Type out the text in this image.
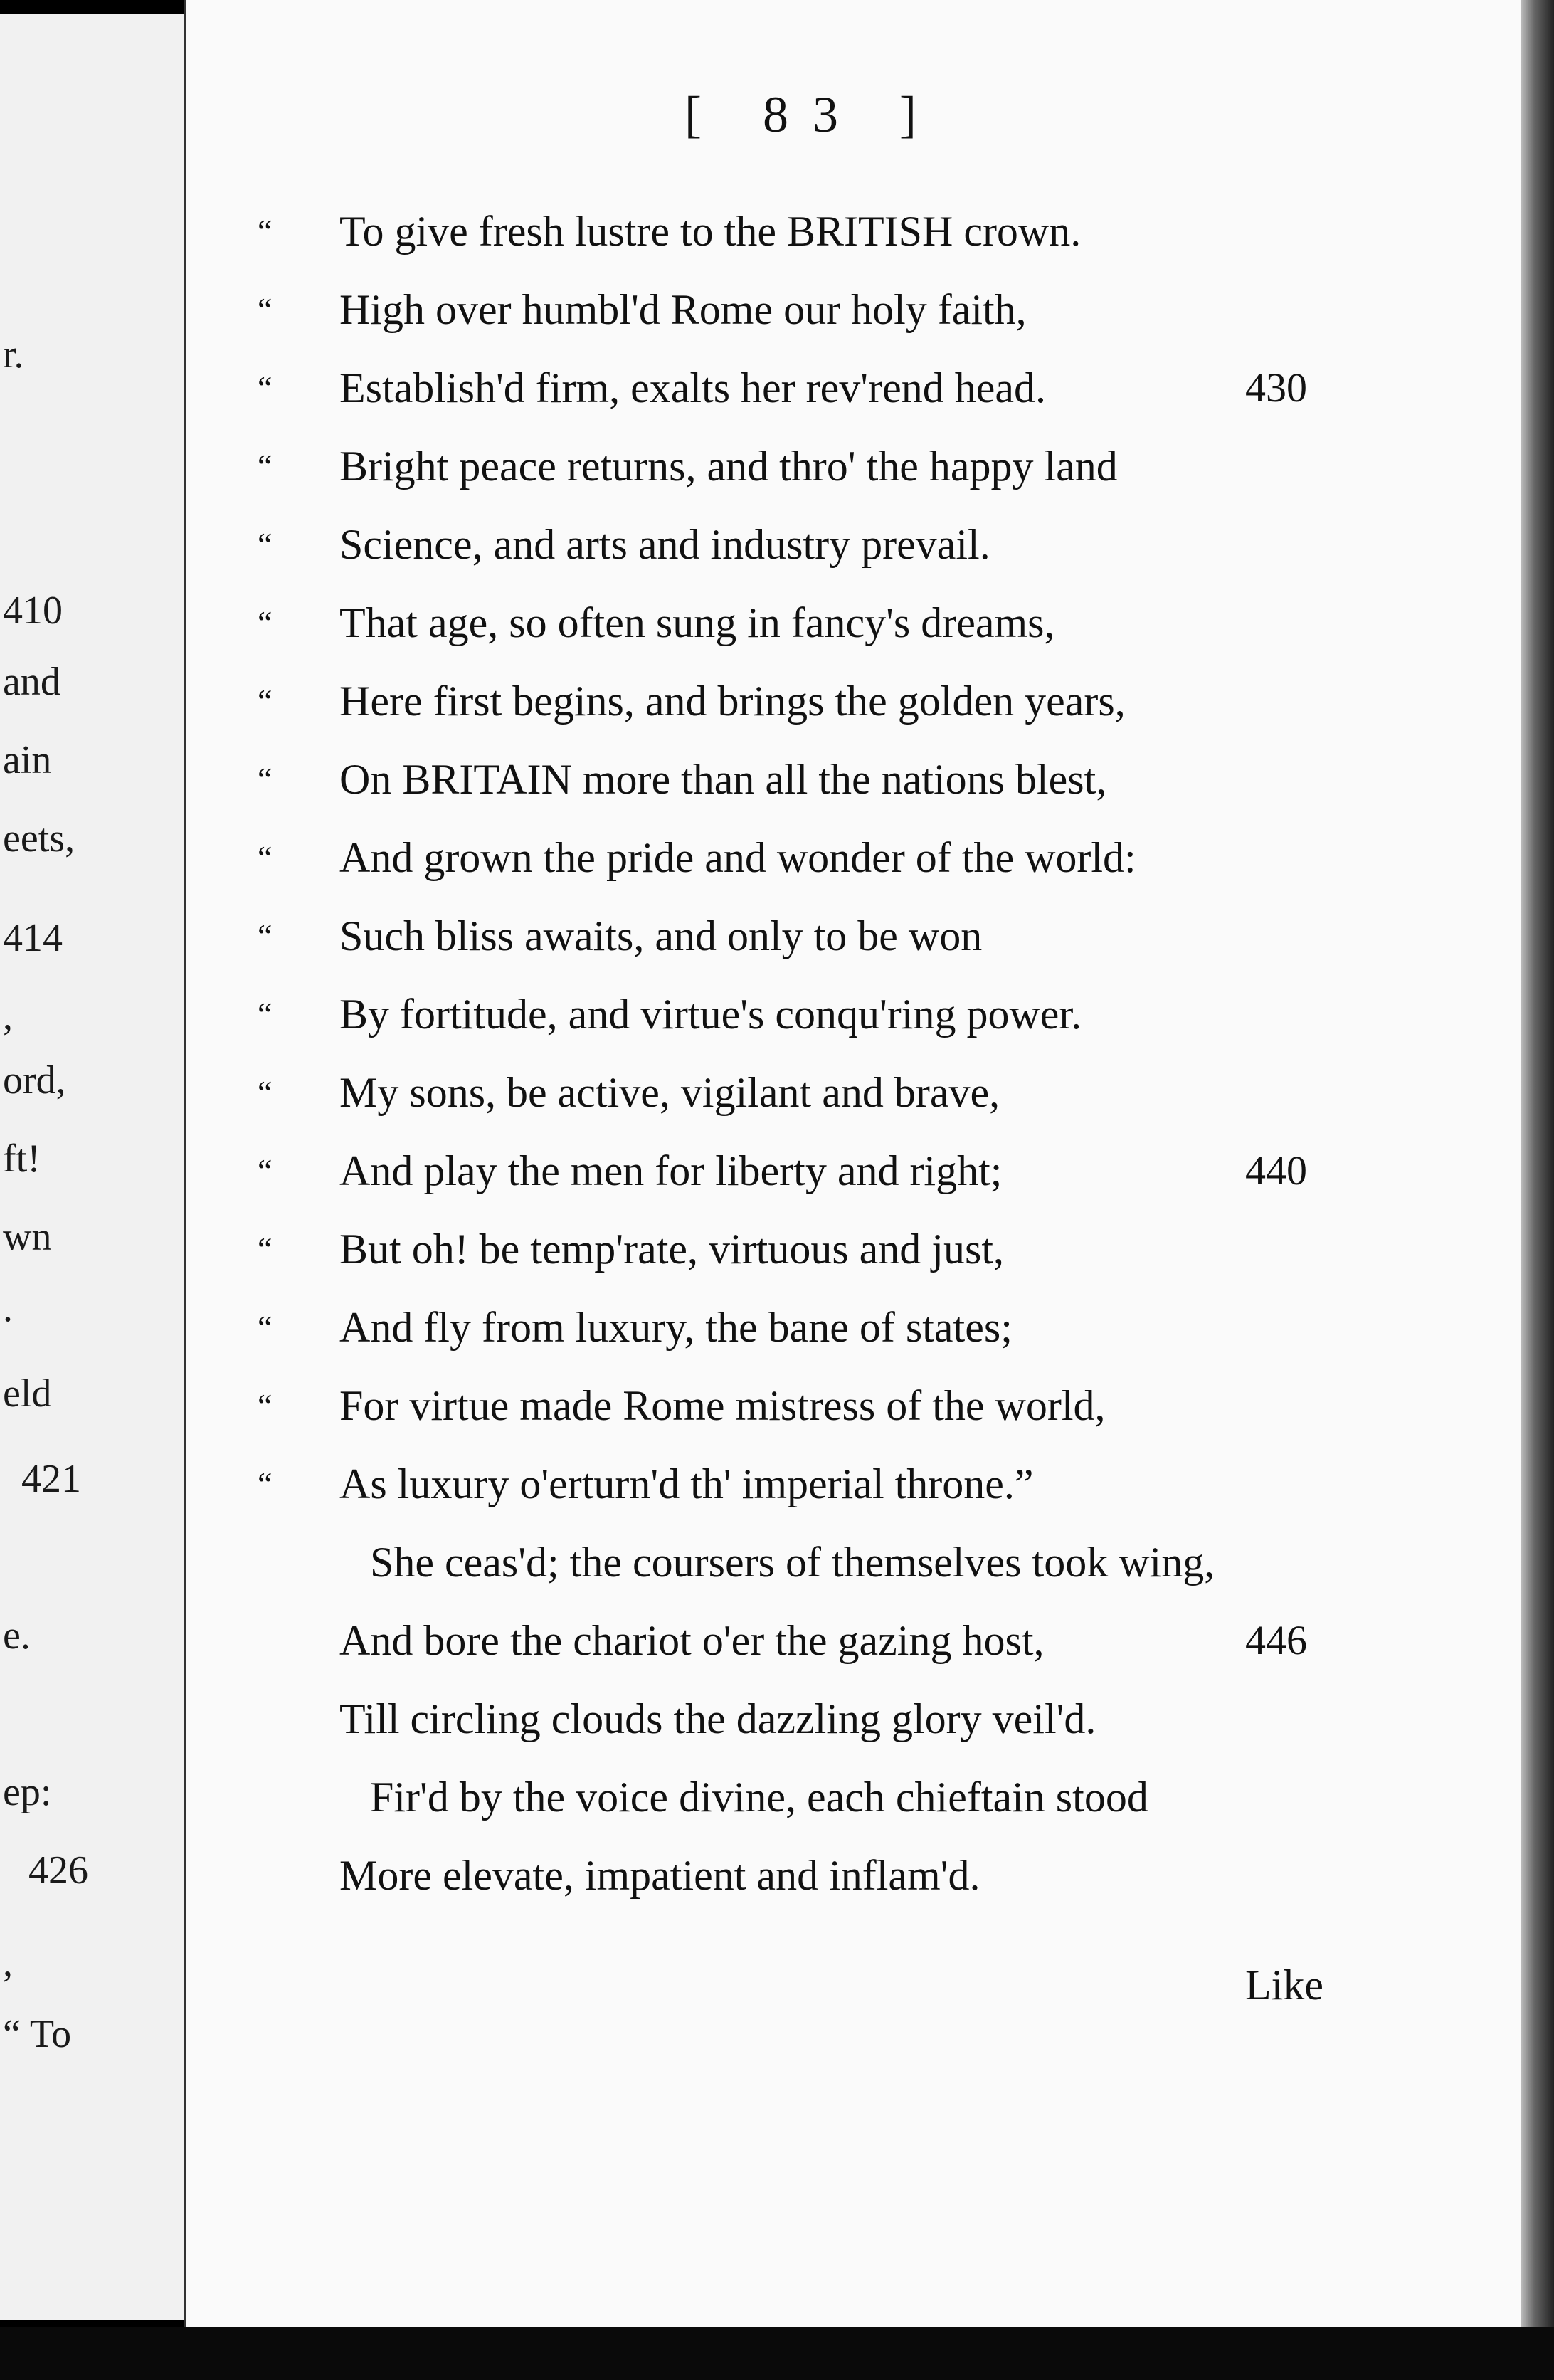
r.
410
and
ain
eets,
414
,
ord,
ft!
wn
.
eld
421
e.
ep:
426
,
“ To
[ 83 ]
“ To give fresh lustre to the BRITISH crown.
“ High over humbl'd Rome our holy faith,
“ Establish'd firm, exalts her rev'rend head.	430
“ Bright peace returns, and thro' the happy land
“ Science, and arts and industry prevail.
“ That age, so often sung in fancy's dreams,
“ Here first begins, and brings the golden years,
“ On BRITAIN more than all the nations blest,
“ And grown the pride and wonder of the world:
“ Such bliss awaits, and only to be won
“ By fortitude, and virtue's conqu'ring power.
“ My sons, be active, vigilant and brave,
“ And play the men for liberty and right;	440
“ But oh! be temp'rate, virtuous and just,
“ And fly from luxury, the bane of states;
“ For virtue made Rome mistress of the world,
“ As luxury o'erturn'd th' imperial throne.”
She ceas'd; the coursers of themselves took wing,
And bore the chariot o'er the gazing host,	446
Till circling clouds the dazzling glory veil'd.
Fir'd by the voice divine, each chieftain stood
More elevate, impatient and inflam'd.
Like
